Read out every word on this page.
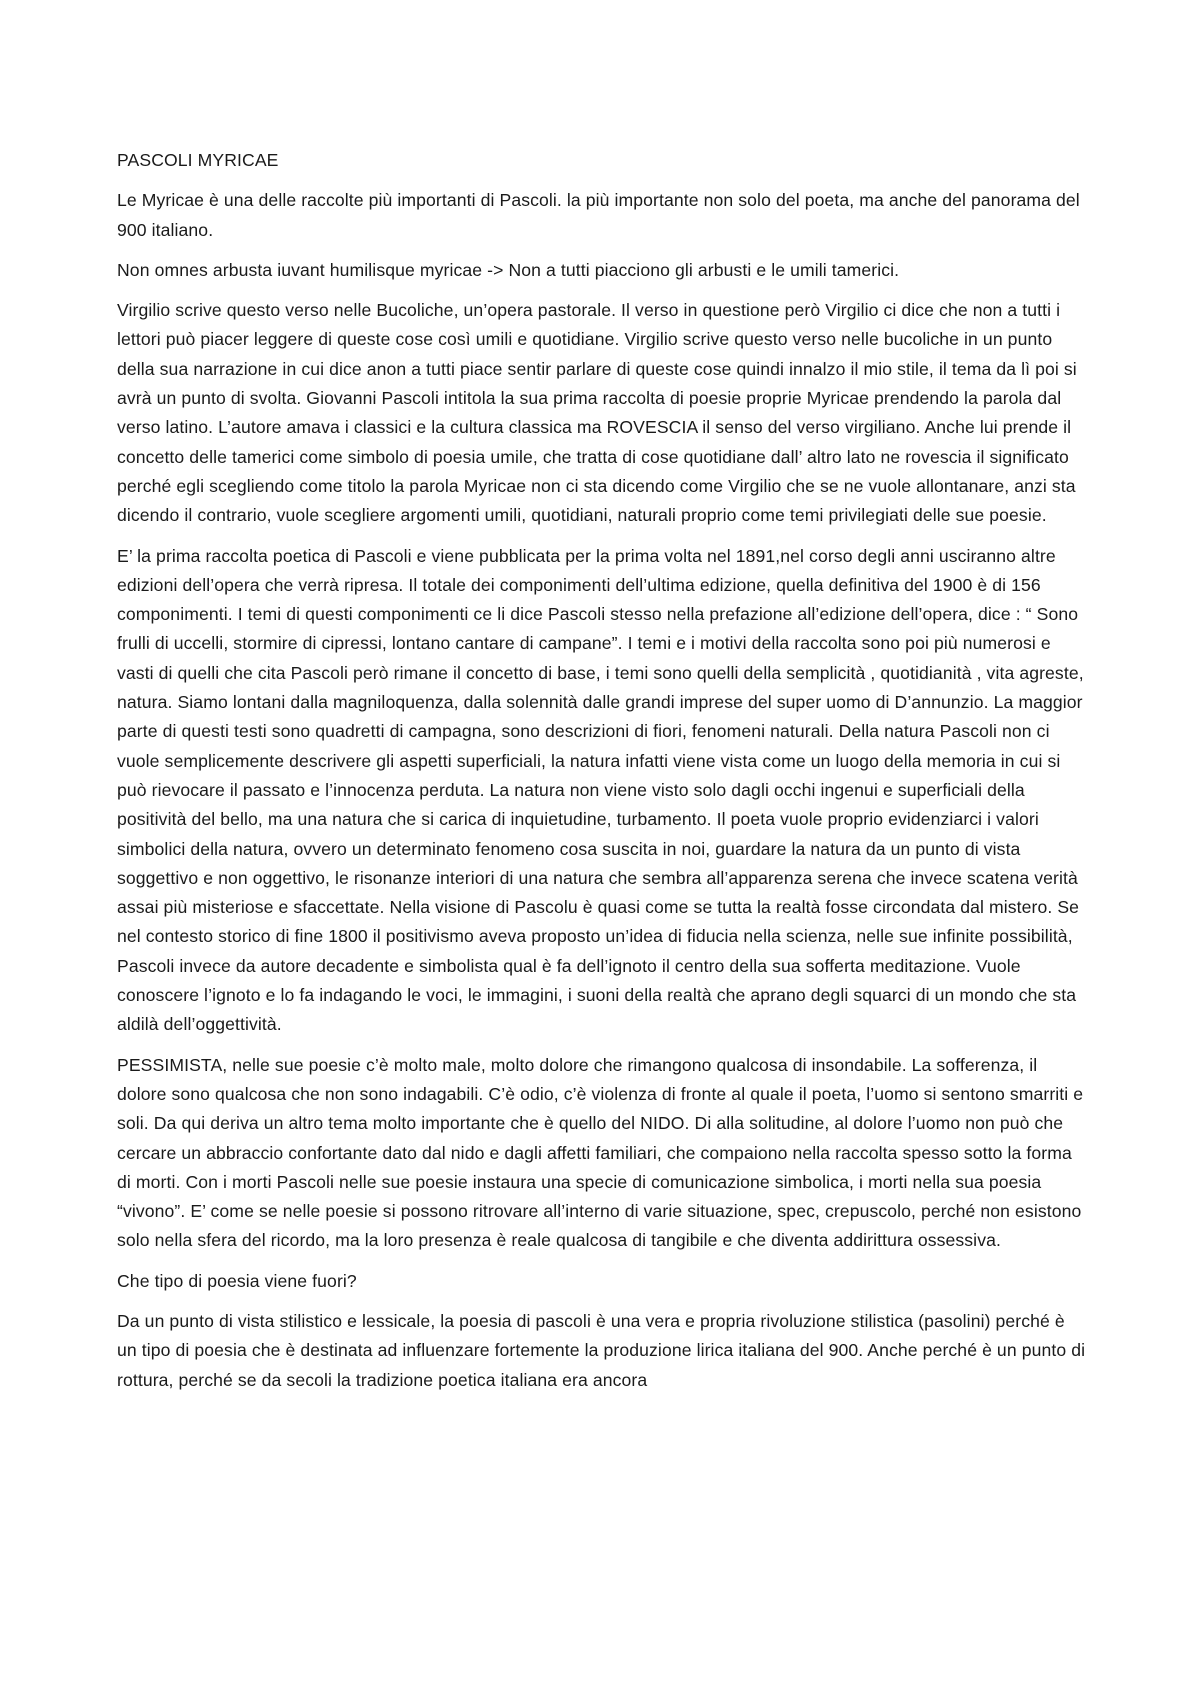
PASCOLI MYRICAE

Le Myricae è una delle raccolte più importanti di Pascoli. la più importante non solo del poeta, ma anche del panorama del 900 italiano.

Non omnes arbusta iuvant humilisque myricae -> Non a tutti piacciono gli arbusti e le umili tamerici.

Virgilio scrive questo verso nelle Bucoliche, un’opera pastorale. Il verso in questione però Virgilio ci dice che non a tutti i lettori può piacer leggere di queste cose così umili e quotidiane. Virgilio scrive questo verso nelle bucoliche in un punto della sua narrazione in cui dice anon a tutti piace sentir parlare di queste cose quindi innalzo il mio stile, il tema da lì poi si avrà un punto di svolta. Giovanni Pascoli intitola la sua prima raccolta di poesie proprie Myricae prendendo la parola dal verso latino. L’autore amava i classici e la cultura classica ma ROVESCIA il senso del verso virgiliano. Anche lui prende il concetto delle tamerici come simbolo di poesia umile, che tratta di cose quotidiane dall’ altro lato ne rovescia il significato perché egli scegliendo come titolo la parola Myricae non ci sta dicendo come Virgilio che se ne vuole allontanare, anzi sta dicendo il contrario, vuole scegliere argomenti umili, quotidiani, naturali proprio come temi privilegiati delle sue poesie.

E’ la prima raccolta poetica di Pascoli e viene pubblicata per la prima volta nel 1891,nel corso degli anni usciranno altre edizioni dell’opera che verrà ripresa. Il totale dei componimenti dell’ultima edizione, quella definitiva del 1900 è di 156 componimenti. I temi di questi componimenti ce li dice Pascoli stesso nella prefazione all’edizione dell’opera, dice : “ Sono frulli di uccelli, stormire di cipressi, lontano cantare di campane”. I temi e i motivi della raccolta sono poi più numerosi e vasti di quelli che cita Pascoli però rimane il concetto di base, i temi sono quelli della semplicità , quotidianità , vita agreste, natura. Siamo lontani dalla magniloquenza, dalla solennità dalle grandi imprese del super uomo di D’annunzio. La maggior parte di questi testi sono quadretti di campagna, sono descrizioni di fiori, fenomeni naturali. Della natura Pascoli non ci vuole semplicemente descrivere gli aspetti superficiali, la natura infatti viene vista come un luogo della memoria in cui si può rievocare il passato e l’innocenza perduta. La natura non viene visto solo dagli occhi ingenui e superficiali della positività del bello, ma una natura che si carica di inquietudine, turbamento. Il poeta vuole proprio evidenziarci i valori simbolici della natura, ovvero un determinato fenomeno cosa suscita in noi, guardare la natura da un punto di vista soggettivo e non oggettivo, le risonanze interiori di una natura che sembra all’apparenza serena che invece scatena verità assai più misteriose e sfaccettate. Nella visione di Pascolu è quasi come se tutta la realtà fosse circondata dal mistero. Se nel contesto storico di fine 1800 il positivismo aveva proposto un’idea di fiducia nella scienza, nelle sue infinite possibilità, Pascoli invece da autore decadente e simbolista qual è fa dell’ignoto il centro della sua sofferta meditazione. Vuole conoscere l’ignoto e lo fa indagando le voci, le immagini, i suoni della realtà che aprano degli squarci di un mondo che sta aldilà dell’oggettività.

PESSIMISTA, nelle sue poesie c’è molto male, molto dolore che rimangono qualcosa di insondabile. La sofferenza, il dolore sono qualcosa che non sono indagabili. C’è odio, c’è violenza di fronte al quale il poeta, l’uomo si sentono smarriti e soli. Da qui deriva un altro tema molto importante che è quello del NIDO. Di alla solitudine, al dolore l’uomo non può che cercare un abbraccio confortante dato dal nido e dagli affetti familiari, che compaiono nella raccolta spesso sotto la forma di morti. Con i morti Pascoli nelle sue poesie instaura una specie di comunicazione simbolica, i morti nella sua poesia “vivono”. E’ come se nelle poesie si possono ritrovare all’interno di varie situazione, spec, crepuscolo, perché non esistono solo nella sfera del ricordo, ma la loro presenza è reale qualcosa di tangibile e che diventa addirittura ossessiva.

Che tipo di poesia viene fuori?

Da un punto di vista stilistico e lessicale, la poesia di pascoli è una vera e propria rivoluzione stilistica (pasolini) perché è un tipo di poesia che è destinata ad influenzare fortemente la produzione lirica italiana del 900. Anche perché è un punto di rottura, perché se da secoli la tradizione poetica italiana era ancora
